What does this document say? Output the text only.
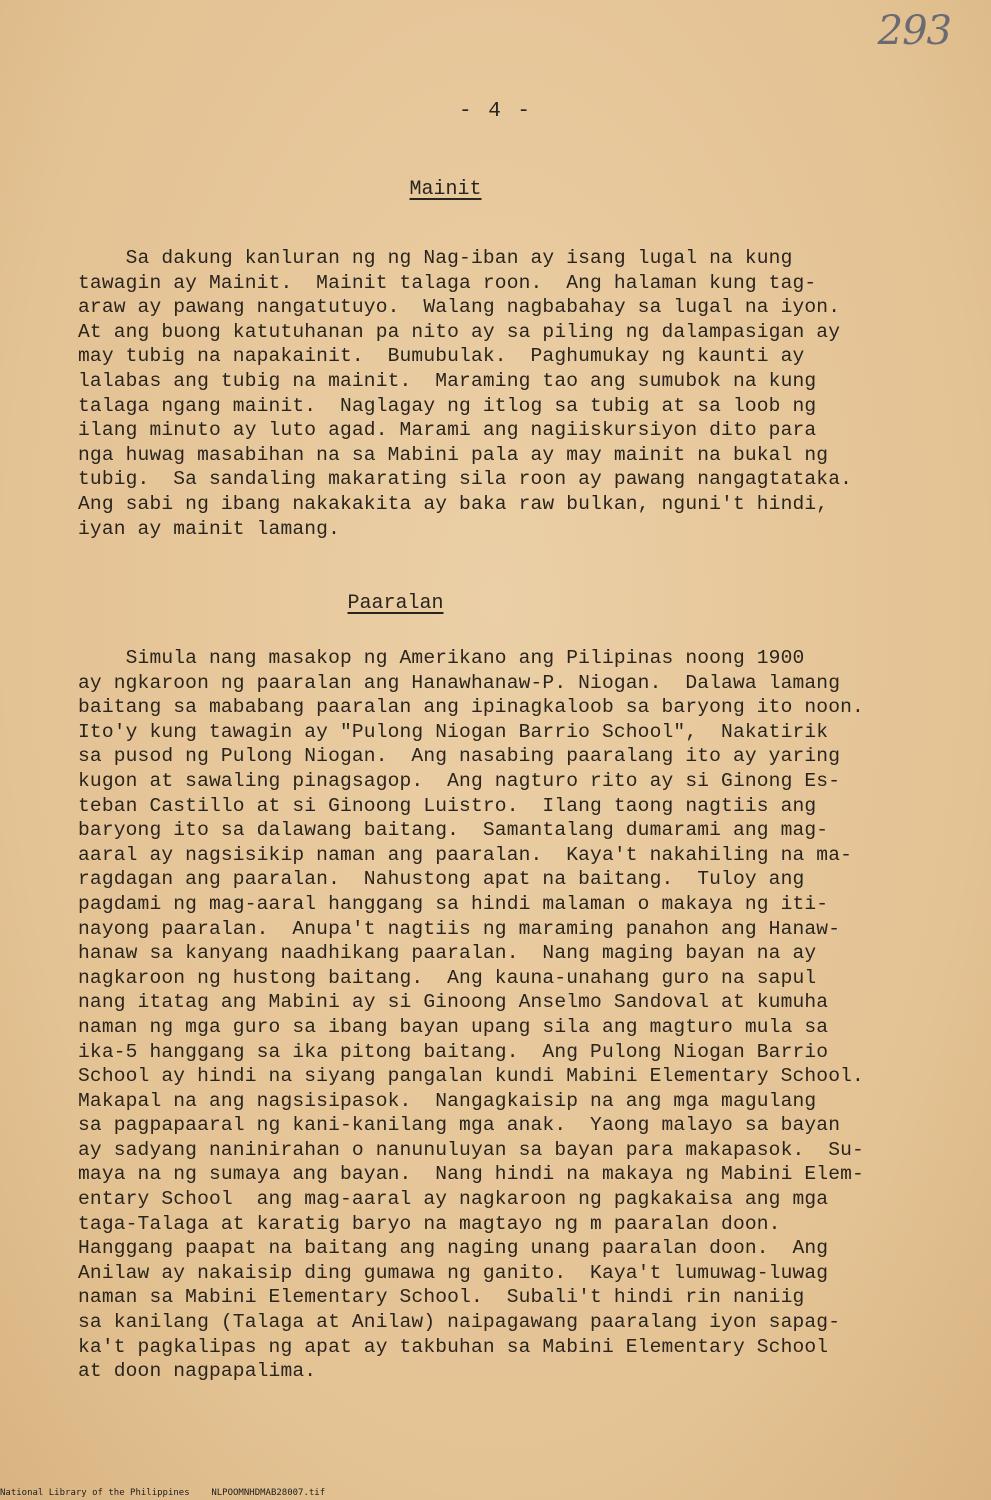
293
- 4 -
Mainit
Sa dakung kanluran ng ng Nag-iban ay isang lugal na kung
tawagin ay Mainit.  Mainit talaga roon.  Ang halaman kung tag-
araw ay pawang nangatutuyo.  Walang nagbabahay sa lugal na iyon.
At ang buong katutuhanan pa nito ay sa piling ng dalampasigan ay
may tubig na napakainit.  Bumubulak.  Paghumukay ng kaunti ay
lalabas ang tubig na mainit.  Maraming tao ang sumubok na kung
talaga ngang mainit.  Naglagay ng itlog sa tubig at sa loob ng
ilang minuto ay luto agad. Marami ang nagiiskursiyon dito para
nga huwag masabihan na sa Mabini pala ay may mainit na bukal ng
tubig.  Sa sandaling makarating sila roon ay pawang nangagtataka.
Ang sabi ng ibang nakakakita ay baka raw bulkan, nguni't hindi,
iyan ay mainit lamang.
Paaralan
Simula nang masakop ng Amerikano ang Pilipinas noong 1900
ay ngkaroon ng paaralan ang Hanawhanaw-P. Niogan.  Dalawa lamang
baitang sa mababang paaralan ang ipinagkaloob sa baryong ito noon.
Ito'y kung tawagin ay "Pulong Niogan Barrio School",  Nakatirik
sa pusod ng Pulong Niogan.  Ang nasabing paaralang ito ay yaring
kugon at sawaling pinagsagop.  Ang nagturo rito ay si Ginong Es-
teban Castillo at si Ginoong Luistro.  Ilang taong nagtiis ang
baryong ito sa dalawang baitang.  Samantalang dumarami ang mag-
aaral ay nagsisikip naman ang paaralan.  Kaya't nakahiling na ma-
ragdagan ang paaralan.  Nahustong apat na baitang.  Tuloy ang
pagdami ng mag-aaral hanggang sa hindi malaman o makaya ng iti-
nayong paaralan.  Anupa't nagtiis ng maraming panahon ang Hanaw-
hanaw sa kanyang naadhikang paaralan.  Nang maging bayan na ay
nagkaroon ng hustong baitang.  Ang kauna-unahang guro na sapul
nang itatag ang Mabini ay si Ginoong Anselmo Sandoval at kumuha
naman ng mga guro sa ibang bayan upang sila ang magturo mula sa
ika-5 hanggang sa ika pitong baitang.  Ang Pulong Niogan Barrio
School ay hindi na siyang pangalan kundi Mabini Elementary School.
Makapal na ang nagsisipasok.  Nangagkaisip na ang mga magulang
sa pagpapaaral ng kani-kanilang mga anak.  Yaong malayo sa bayan
ay sadyang naninirahan o nanunuluyan sa bayan para makapasok.  Su-
maya na ng sumaya ang bayan.  Nang hindi na makaya ng Mabini Elem-
entary School  ang mag-aaral ay nagkaroon ng pagkakaisa ang mga
taga-Talaga at karatig baryo na magtayo ng m paaralan doon.
Hanggang paapat na baitang ang naging unang paaralan doon.  Ang
Anilaw ay nakaisip ding gumawa ng ganito.  Kaya't lumuwag-luwag
naman sa Mabini Elementary School.  Subali't hindi rin naniig
sa kanilang (Talaga at Anilaw) naipagawang paaralang iyon sapag-
ka't pagkalipas ng apat ay takbuhan sa Mabini Elementary School
at doon nagpapalima.
National Library of the Philippines NLPOOMNHDMAB28007.tif
